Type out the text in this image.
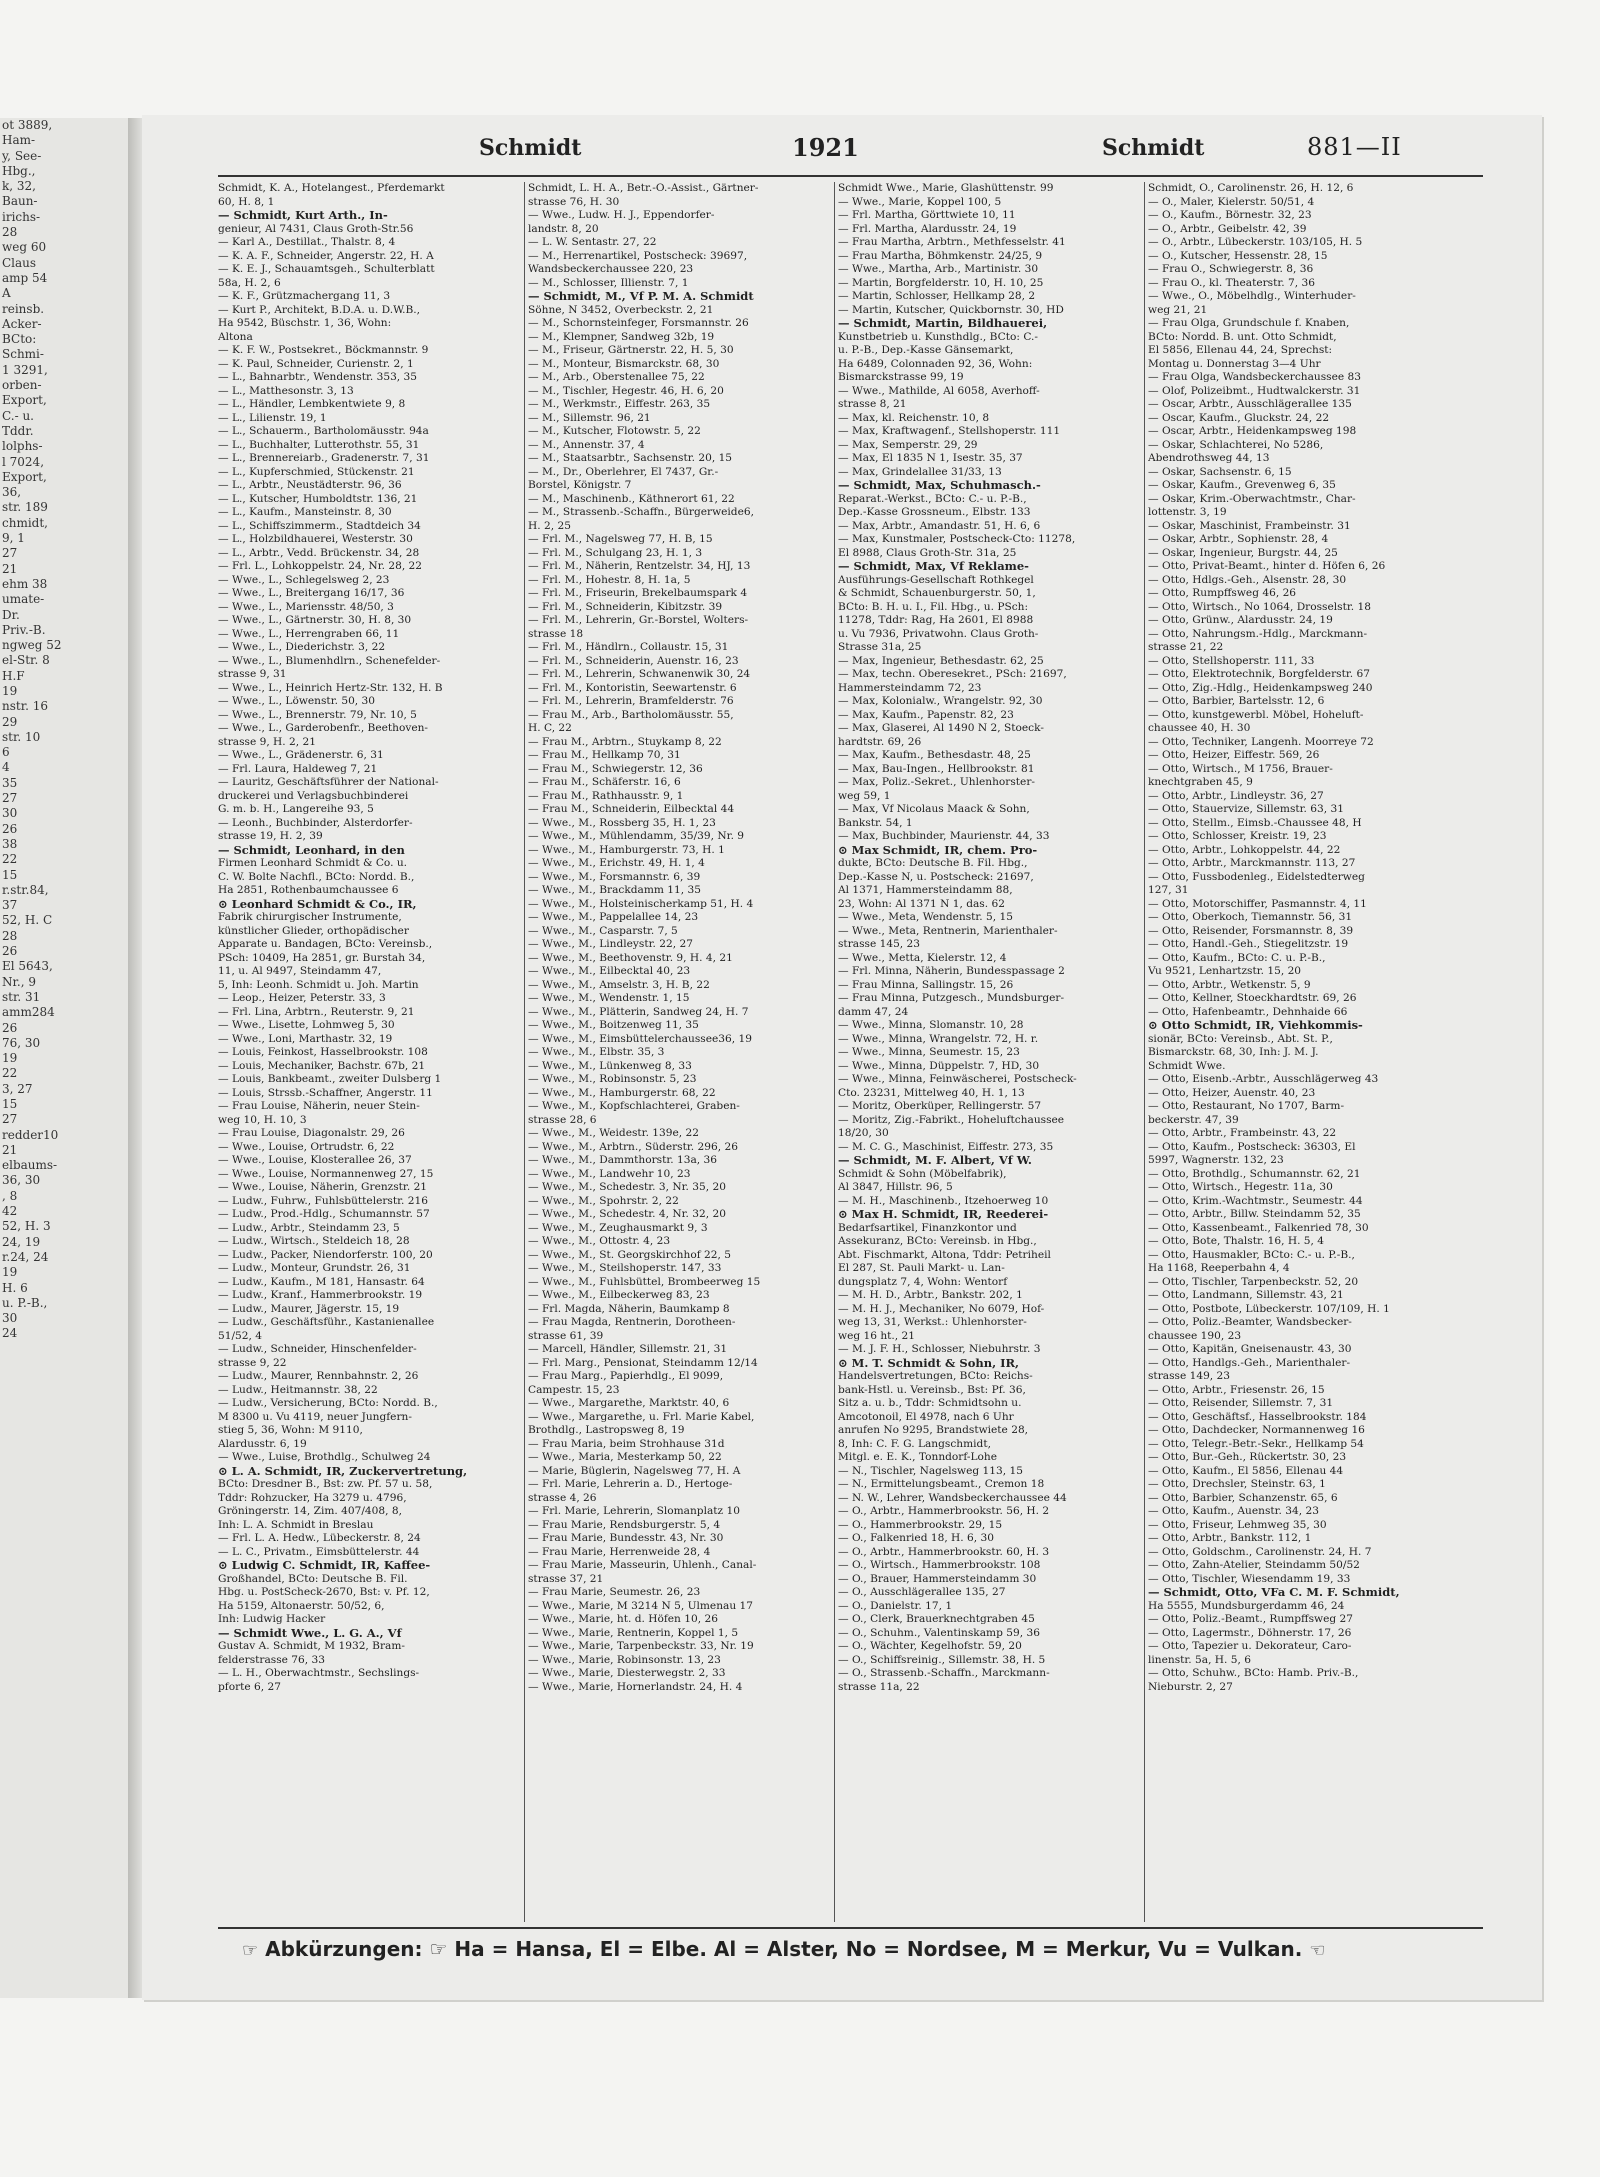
ot 3889,
Ham-
y, See-
Hbg.,
k, 32,
Baun-
irichs-
28
weg 60
Claus
amp 54
A
reinsb.
Acker-
BCto:
Schmi-
1 3291,
orben-
Export,
C.- u.
Tddr.
lolphs-
l 7024,
Export,
36,
str. 189
chmidt,
9, 1
27
21
ehm 38
umate-
Dr.
Priv.-B.
ngweg 52
el-Str. 8
H.F
19
nstr. 16
29
str. 10
6
4
35
27
30
26
38
22
15
r.str.84,
37
52, H. C
28
26
El 5643,
Nr., 9
str. 31
amm284
26
76, 30
19
22
3, 27
15
27
redder10
21
elbaums-
36, 30
, 8
42
52, H. 3
24, 19
r.24, 24
19
H. 6
u. P.-B.,
30
24
Schmidt	1921	Schmidt	881—II
Schmidt, K. A., Hotelangest., Pferdemarkt
60, H. 8, 1
— Schmidt, Kurt Arth., In-
genieur, Al 7431, Claus Groth-Str.56
— Karl A., Destillat., Thalstr. 8, 4
— K. A. F., Schneider, Angerstr. 22, H. A
— K. E. J., Schauamtsgeh., Schulterblatt
58a, H. 2, 6
— K. F., Grützmachergang 11, 3
— Kurt P., Architekt, B.D.A. u. D.W.B.,
Ha 9542, Büschstr. 1, 36, Wohn:
Altona
— K. F. W., Postsekret., Böckmannstr. 9
— K. Paul, Schneider, Curienstr. 2, 1
— L., Bahnarbtr., Wendenstr. 353, 35
— L., Matthesonstr. 3, 13
— L., Händler, Lembkentwiete 9, 8
— L., Lilienstr. 19, 1
— L., Schauerm., Bartholomäusstr. 94a
— L., Buchhalter, Lutterothstr. 55, 31
— L., Brennereiarb., Gradenerstr. 7, 31
— L., Kupferschmied, Stückenstr. 21
— L., Arbtr., Neustädterstr. 96, 36
— L., Kutscher, Humboldtstr. 136, 21
— L., Kaufm., Mansteinstr. 8, 30
— L., Schiffszimmerm., Stadtdeich 34
— L., Holzbildhauerei, Westerstr. 30
— L., Arbtr., Vedd. Brückenstr. 34, 28
— Frl. L., Lohkoppelstr. 24, Nr. 28, 22
— Wwe., L., Schlegelsweg 2, 23
— Wwe., L., Breitergang 16/17, 36
— Wwe., L., Mariensstr. 48/50, 3
— Wwe., L., Gärtnerstr. 30, H. 8, 30
— Wwe., L., Herrengraben 66, 11
— Wwe., L., Diederichstr. 3, 22
— Wwe., L., Blumenhdlrn., Schenefelder-
strasse 9, 31
— Wwe., L., Heinrich Hertz-Str. 132, H. B
— Wwe., L., Löwenstr. 50, 30
— Wwe., L., Brennerstr. 79, Nr. 10, 5
— Wwe., L., Garderobenfr., Beethoven-
strasse 9, H. 2, 21
— Wwe., L., Grädenerstr. 6, 31
— Frl. Laura, Haldeweg 7, 21
— Lauritz, Geschäftsführer der National-
druckerei und Verlagsbuchbinderei
G. m. b. H., Langereihe 93, 5
— Leonh., Buchbinder, Alsterdorfer-
strasse 19, H. 2, 39
— Schmidt, Leonhard, in den
Firmen Leonhard Schmidt & Co. u.
C. W. Bolte Nachfl., BCto: Nordd. B.,
Ha 2851, Rothenbaumchaussee 6
⊙ Leonhard Schmidt & Co., IR,
Fabrik chirurgischer Instrumente,
künstlicher Glieder, orthopädischer
Apparate u. Bandagen, BCto: Vereinsb.,
PSch: 10409, Ha 2851, gr. Burstah 34,
11, u. Al 9497, Steindamm 47,
5, Inh: Leonh. Schmidt u. Joh. Martin
— Leop., Heizer, Peterstr. 33, 3
— Frl. Lina, Arbtrn., Reuterstr. 9, 21
— Wwe., Lisette, Lohmweg 5, 30
— Wwe., Loni, Marthastr. 32, 19
— Louis, Feinkost, Hasselbrookstr. 108
— Louis, Mechaniker, Bachstr. 67b, 21
— Louis, Bankbeamt., zweiter Dulsberg 1
— Louis, Strssb.-Schaffner, Angerstr. 11
— Frau Louise, Näherin, neuer Stein-
weg 10, H. 10, 3
— Frau Louise, Diagonalstr. 29, 26
— Wwe., Louise, Ortrudstr. 6, 22
— Wwe., Louise, Klosterallee 26, 37
— Wwe., Louise, Normannenweg 27, 15
— Wwe., Louise, Näherin, Grenzstr. 21
— Ludw., Fuhrw., Fuhlsbüttelerstr. 216
— Ludw., Prod.-Hdlg., Schumannstr. 57
— Ludw., Arbtr., Steindamm 23, 5
— Ludw., Wirtsch., Steldeich 18, 28
— Ludw., Packer, Niendorferstr. 100, 20
— Ludw., Monteur, Grundstr. 26, 31
— Ludw., Kaufm., M 181, Hansastr. 64
— Ludw., Kranf., Hammerbrookstr. 19
— Ludw., Maurer, Jägerstr. 15, 19
— Ludw., Geschäftsführ., Kastanienallee
51/52, 4
— Ludw., Schneider, Hinschenfelder-
strasse 9, 22
— Ludw., Maurer, Rennbahnstr. 2, 26
— Ludw., Heitmannstr. 38, 22
— Ludw., Versicherung, BCto: Nordd. B.,
M 8300 u. Vu 4119, neuer Jungfern-
stieg 5, 36, Wohn: M 9110,
Alardusstr. 6, 19
— Wwe., Luise, Brothdlg., Schulweg 24
⊙ L. A. Schmidt, IR, Zuckervertretung,
BCto: Dresdner B., Bst: zw. Pf. 57 u. 58,
Tddr: Rohzucker, Ha 3279 u. 4796,
Gröningerstr. 14, Zim. 407/408, 8,
Inh: L. A. Schmidt in Breslau
— Frl. L. A. Hedw., Lübeckerstr. 8, 24
— L. C., Privatm., Eimsbüttelerstr. 44
⊙ Ludwig C. Schmidt, IR, Kaffee-
Großhandel, BCto: Deutsche B. Fil.
Hbg. u. PostScheck-2670, Bst: v. Pf. 12,
Ha 5159, Altonaerstr. 50/52, 6,
Inh: Ludwig Hacker
— Schmidt Wwe., L. G. A., Vf
Gustav A. Schmidt, M 1932, Bram-
felderstrasse 76, 33
— L. H., Oberwachtmstr., Sechslings-
pforte 6, 27
Schmidt, L. H. A., Betr.-O.-Assist., Gärtner-
strasse 76, H. 30
— Wwe., Ludw. H. J., Eppendorfer-
landstr. 8, 20
— L. W. Sentastr. 27, 22
— M., Herrenartikel, Postscheck: 39697,
Wandsbeckerchaussee 220, 23
— M., Schlosser, Illienstr. 7, 1
— Schmidt, M., Vf P. M. A. Schmidt
Söhne, N 3452, Overbeckstr. 2, 21
— M., Schornsteinfeger, Forsmannstr. 26
— M., Klempner, Sandweg 32b, 19
— M., Friseur, Gärtnerstr. 22, H. 5, 30
— M., Monteur, Bismarckstr. 68, 30
— M., Arb., Oberstenallee 75, 22
— M., Tischler, Hegestr. 46, H. 6, 20
— M., Werkmstr., Eiffestr. 263, 35
— M., Sillemstr. 96, 21
— M., Kutscher, Flotowstr. 5, 22
— M., Annenstr. 37, 4
— M., Staatsarbtr., Sachsenstr. 20, 15
— M., Dr., Oberlehrer, El 7437, Gr.-
Borstel, Königstr. 7
— M., Maschinenb., Käthnerort 61, 22
— M., Strassenb.-Schaffn., Bürgerweide6,
H. 2, 25
— Frl. M., Nagelsweg 77, H. B, 15
— Frl. M., Schulgang 23, H. 1, 3
— Frl. M., Näherin, Rentzelstr. 34, HJ, 13
— Frl. M., Hohestr. 8, H. 1a, 5
— Frl. M., Friseurin, Brekelbaumspark 4
— Frl. M., Schneiderin, Kibitzstr. 39
— Frl. M., Lehrerin, Gr.-Borstel, Wolters-
strasse 18
— Frl. M., Händlrn., Collaustr. 15, 31
— Frl. M., Schneiderin, Auenstr. 16, 23
— Frl. M., Lehrerin, Schwanenwik 30, 24
— Frl. M., Kontoristin, Seewartenstr. 6
— Frl. M., Lehrerin, Bramfelderstr. 76
— Frau M., Arb., Bartholomäusstr. 55,
H. C, 22
— Frau M., Arbtrn., Stuykamp 8, 22
— Frau M., Hellkamp 70, 31
— Frau M., Schwiegerstr. 12, 36
— Frau M., Schäferstr. 16, 6
— Frau M., Rathhausstr. 9, 1
— Frau M., Schneiderin, Eilbecktal 44
— Wwe., M., Rossberg 35, H. 1, 23
— Wwe., M., Mühlendamm, 35/39, Nr. 9
— Wwe., M., Hamburgerstr. 73, H. 1
— Wwe., M., Erichstr. 49, H. 1, 4
— Wwe., M., Forsmannstr. 6, 39
— Wwe., M., Brackdamm 11, 35
— Wwe., M., Holsteinischerkamp 51, H. 4
— Wwe., M., Pappelallee 14, 23
— Wwe., M., Casparstr. 7, 5
— Wwe., M., Lindleystr. 22, 27
— Wwe., M., Beethovenstr. 9, H. 4, 21
— Wwe., M., Eilbecktal 40, 23
— Wwe., M., Amselstr. 3, H. B, 22
— Wwe., M., Wendenstr. 1, 15
— Wwe., M., Plätterin, Sandweg 24, H. 7
— Wwe., M., Boitzenweg 11, 35
— Wwe., M., Eimsbüttelerchaussee36, 19
— Wwe., M., Elbstr. 35, 3
— Wwe., M., Lünkenweg 8, 33
— Wwe., M., Robinsonstr. 5, 23
— Wwe., M., Hamburgerstr. 68, 22
— Wwe., M., Kopfschlachterei, Graben-
strasse 28, 6
— Wwe., M., Weidestr. 139e, 22
— Wwe., M., Arbtrn., Süderstr. 296, 26
— Wwe., M., Dammthorstr. 13a, 36
— Wwe., M., Landwehr 10, 23
— Wwe., M., Schedestr. 3, Nr. 35, 20
— Wwe., M., Spohrstr. 2, 22
— Wwe., M., Schedestr. 4, Nr. 32, 20
— Wwe., M., Zeughausmarkt 9, 3
— Wwe., M., Ottostr. 4, 23
— Wwe., M., St. Georgskirchhof 22, 5
— Wwe., M., Steilshoperstr. 147, 33
— Wwe., M., Fuhlsbüttel, Brombeerweg 15
— Wwe., M., Eilbeckerweg 83, 23
— Frl. Magda, Näherin, Baumkamp 8
— Frau Magda, Rentnerin, Dorotheen-
strasse 61, 39
— Marcell, Händler, Sillemstr. 21, 31
— Frl. Marg., Pensionat, Steindamm 12/14
— Frau Marg., Papierhdlg., El 9099,
Campestr. 15, 23
— Wwe., Margarethe, Marktstr. 40, 6
— Wwe., Margarethe, u. Frl. Marie Kabel,
Brothdlg., Lastropsweg 8, 19
— Frau Maria, beim Strohhause 31d
— Wwe., Maria, Mesterkamp 50, 22
— Marie, Büglerin, Nagelsweg 77, H. A
— Frl. Marie, Lehrerin a. D., Hertoge-
strasse 4, 26
— Frl. Marie, Lehrerin, Slomanplatz 10
— Frau Marie, Rendsburgerstr. 5, 4
— Frau Marie, Bundesstr. 43, Nr. 30
— Frau Marie, Herrenweide 28, 4
— Frau Marie, Masseurin, Uhlenh., Canal-
strasse 37, 21
— Frau Marie, Seumestr. 26, 23
— Wwe., Marie, M 3214 N 5, Ulmenau 17
— Wwe., Marie, ht. d. Höfen 10, 26
— Wwe., Marie, Rentnerin, Koppel 1, 5
— Wwe., Marie, Tarpenbeckstr. 33, Nr. 19
— Wwe., Marie, Robinsonstr. 13, 23
— Wwe., Marie, Diesterwegstr. 2, 33
— Wwe., Marie, Hornerlandstr. 24, H. 4
Schmidt Wwe., Marie, Glashüttenstr. 99
— Wwe., Marie, Koppel 100, 5
— Frl. Martha, Görttwiete 10, 11
— Frl. Martha, Alardusstr. 24, 19
— Frau Martha, Arbtrn., Methfesselstr. 41
— Frau Martha, Böhmkenstr. 24/25, 9
— Wwe., Martha, Arb., Martinistr. 30
— Martin, Borgfelderstr. 10, H. 10, 25
— Martin, Schlosser, Hellkamp 28, 2
— Martin, Kutscher, Quickbornstr. 30, HD
— Schmidt, Martin, Bildhauerei,
Kunstbetrieb u. Kunsthdlg., BCto: C.-
u. P.-B., Dep.-Kasse Gänsemarkt,
Ha 6489, Colonnaden 92, 36, Wohn:
Bismarckstrasse 99, 19
— Wwe., Mathilde, Al 6058, Averhoff-
strasse 8, 21
— Max, kl. Reichenstr. 10, 8
— Max, Kraftwagenf., Stellshoperstr. 111
— Max, Semperstr. 29, 29
— Max, El 1835 N 1, Isestr. 35, 37
— Max, Grindelallee 31/33, 13
— Schmidt, Max, Schuhmasch.-
Reparat.-Werkst., BCto: C.- u. P.-B.,
Dep.-Kasse Grossneum., Elbstr. 133
— Max, Arbtr., Amandastr. 51, H. 6, 6
— Max, Kunstmaler, Postscheck-Cto: 11278,
El 8988, Claus Groth-Str. 31a, 25
— Schmidt, Max, Vf Reklame-
Ausführungs-Gesellschaft Rothkegel
& Schmidt, Schauenburgerstr. 50, 1,
BCto: B. H. u. I., Fil. Hbg., u. PSch:
11278, Tddr: Rag, Ha 2601, El 8988
u. Vu 7936, Privatwohn. Claus Groth-
Strasse 31a, 25
— Max, Ingenieur, Bethesdastr. 62, 25
— Max, techn. Oberesekret., PSch: 21697,
Hammersteindamm 72, 23
— Max, Kolonialw., Wrangelstr. 92, 30
— Max, Kaufm., Papenstr. 82, 23
— Max, Glaserei, Al 1490 N 2, Stoeck-
hardtstr. 69, 26
— Max, Kaufm., Bethesdastr. 48, 25
— Max, Bau-Ingen., Hellbrookstr. 81
— Max, Poliz.-Sekret., Uhlenhorster-
weg 59, 1
— Max, Vf Nicolaus Maack & Sohn,
Bankstr. 54, 1
— Max, Buchbinder, Maurienstr. 44, 33
⊙ Max Schmidt, IR, chem. Pro-
dukte, BCto: Deutsche B. Fil. Hbg.,
Dep.-Kasse N, u. Postscheck: 21697,
Al 1371, Hammersteindamm 88,
23, Wohn: Al 1371 N 1, das. 62
— Wwe., Meta, Wendenstr. 5, 15
— Wwe., Meta, Rentnerin, Marienthaler-
strasse 145, 23
— Wwe., Metta, Kielerstr. 12, 4
— Frl. Minna, Näherin, Bundesspassage 2
— Frau Minna, Sallingstr. 15, 26
— Frau Minna, Putzgesch., Mundsburger-
damm 47, 24
— Wwe., Minna, Slomanstr. 10, 28
— Wwe., Minna, Wrangelstr. 72, H. r.
— Wwe., Minna, Seumestr. 15, 23
— Wwe., Minna, Düppelstr. 7, HD, 30
— Wwe., Minna, Feinwäscherei, Postscheck-
Cto. 23231, Mittelweg 40, H. 1, 13
— Moritz, Oberküper, Rellingerstr. 57
— Moritz, Zig.-Fabrikt., Hoheluftchaussee
18/20, 30
— M. C. G., Maschinist, Eiffestr. 273, 35
— Schmidt, M. F. Albert, Vf W.
Schmidt & Sohn (Möbelfabrik),
Al 3847, Hillstr. 96, 5
— M. H., Maschinenb., Itzehoerweg 10
⊙ Max H. Schmidt, IR, Reederei-
Bedarfsartikel, Finanzkontor und
Assekuranz, BCto: Vereinsb. in Hbg.,
Abt. Fischmarkt, Altona, Tddr: Petriheil
El 287, St. Pauli Markt- u. Lan-
dungsplatz 7, 4, Wohn: Wentorf
— M. H. D., Arbtr., Bankstr. 202, 1
— M. H. J., Mechaniker, No 6079, Hof-
weg 13, 31, Werkst.: Uhlenhorster-
weg 16 ht., 21
— M. J. F. H., Schlosser, Niebuhrstr. 3
⊙ M. T. Schmidt & Sohn, IR,
Handelsvertretungen, BCto: Reichs-
bank-Hstl. u. Vereinsb., Bst: Pf. 36,
Sitz a. u. b., Tddr: Schmidtsohn u.
Amcotonoil, El 4978, nach 6 Uhr
anrufen No 9295, Brandstwiete 28,
8, Inh: C. F. G. Langschmidt,
Mitgl. e. E. K., Tonndorf-Lohe
— N., Tischler, Nagelsweg 113, 15
— N., Ermittelungsbeamt., Cremon 18
— N. W., Lehrer, Wandsbeckerchaussee 44
— O., Arbtr., Hammerbrookstr. 56, H. 2
— O., Hammerbrookstr. 29, 15
— O., Falkenried 18, H. 6, 30
— O., Arbtr., Hammerbrookstr. 60, H. 3
— O., Wirtsch., Hammerbrookstr. 108
— O., Brauer, Hammersteindamm 30
— O., Ausschlägerallee 135, 27
— O., Danielstr. 17, 1
— O., Clerk, Brauerknechtgraben 45
— O., Schuhm., Valentinskamp 59, 36
— O., Wächter, Kegelhofstr. 59, 20
— O., Schiffsreinig., Sillemstr. 38, H. 5
— O., Strassenb.-Schaffn., Marckmann-
strasse 11a, 22
Schmidt, O., Carolinenstr. 26, H. 12, 6
— O., Maler, Kielerstr. 50/51, 4
— O., Kaufm., Börnestr. 32, 23
— O., Arbtr., Geibelstr. 42, 39
— O., Arbtr., Lübeckerstr. 103/105, H. 5
— O., Kutscher, Hessenstr. 28, 15
— Frau O., Schwiegerstr. 8, 36
— Frau O., kl. Theaterstr. 7, 36
— Wwe., O., Möbelhdlg., Winterhuder-
weg 21, 21
— Frau Olga, Grundschule f. Knaben,
BCto: Nordd. B. unt. Otto Schmidt,
El 5856, Ellenau 44, 24, Sprechst:
Montag u. Donnerstag 3—4 Uhr
— Frau Olga, Wandsbeckerchaussee 83
— Olof, Polizeibmt., Hudtwalckerstr. 31
— Oscar, Arbtr., Ausschlägerallee 135
— Oscar, Kaufm., Gluckstr. 24, 22
— Oscar, Arbtr., Heidenkampsweg 198
— Oskar, Schlachterei, No 5286,
Abendrothsweg 44, 13
— Oskar, Sachsenstr. 6, 15
— Oskar, Kaufm., Grevenweg 6, 35
— Oskar, Krim.-Oberwachtmstr., Char-
lottenstr. 3, 19
— Oskar, Maschinist, Frambeinstr. 31
— Oskar, Arbtr., Sophienstr. 28, 4
— Oskar, Ingenieur, Burgstr. 44, 25
— Otto, Privat-Beamt., hinter d. Höfen 6, 26
— Otto, Hdlgs.-Geh., Alsenstr. 28, 30
— Otto, Rumpffsweg 46, 26
— Otto, Wirtsch., No 1064, Drosselstr. 18
— Otto, Grünw., Alardusstr. 24, 19
— Otto, Nahrungsm.-Hdlg., Marckmann-
strasse 21, 22
— Otto, Stellshoperstr. 111, 33
— Otto, Elektrotechnik, Borgfelderstr. 67
— Otto, Zig.-Hdlg., Heidenkampsweg 240
— Otto, Barbier, Bartelsstr. 12, 6
— Otto, kunstgewerbl. Möbel, Hoheluft-
chaussee 40, H. 30
— Otto, Techniker, Langenh. Moorreye 72
— Otto, Heizer, Eiffestr. 569, 26
— Otto, Wirtsch., M 1756, Brauer-
knechtgraben 45, 9
— Otto, Arbtr., Lindleystr. 36, 27
— Otto, Stauervize, Sillemstr. 63, 31
— Otto, Stellm., Eimsb.-Chaussee 48, H
— Otto, Schlosser, Kreistr. 19, 23
— Otto, Arbtr., Lohkoppelstr. 44, 22
— Otto, Arbtr., Marckmannstr. 113, 27
— Otto, Fussbodenleg., Eidelstedterweg
127, 31
— Otto, Motorschiffer, Pasmannstr. 4, 11
— Otto, Oberkoch, Tiemannstr. 56, 31
— Otto, Reisender, Forsmannstr. 8, 39
— Otto, Handl.-Geh., Stiegelitzstr. 19
— Otto, Kaufm., BCto: C. u. P.-B.,
Vu 9521, Lenhartzstr. 15, 20
— Otto, Arbtr., Wetkenstr. 5, 9
— Otto, Kellner, Stoeckhardtstr. 69, 26
— Otto, Hafenbeamtr., Dehnhaide 66
⊙ Otto Schmidt, IR, Viehkommis-
sionär, BCto: Vereinsb., Abt. St. P.,
Bismarckstr. 68, 30, Inh: J. M. J.
Schmidt Wwe.
— Otto, Eisenb.-Arbtr., Ausschlägerweg 43
— Otto, Heizer, Auenstr. 40, 23
— Otto, Restaurant, No 1707, Barm-
beckerstr. 47, 39
— Otto, Arbtr., Frambeinstr. 43, 22
— Otto, Kaufm., Postscheck: 36303, El
5997, Wagnerstr. 132, 23
— Otto, Brothdlg., Schumannstr. 62, 21
— Otto, Wirtsch., Hegestr. 11a, 30
— Otto, Krim.-Wachtmstr., Seumestr. 44
— Otto, Arbtr., Billw. Steindamm 52, 35
— Otto, Kassenbeamt., Falkenried 78, 30
— Otto, Bote, Thalstr. 16, H. 5, 4
— Otto, Hausmakler, BCto: C.- u. P.-B.,
Ha 1168, Reeperbahn 4, 4
— Otto, Tischler, Tarpenbeckstr. 52, 20
— Otto, Landmann, Sillemstr. 43, 21
— Otto, Postbote, Lübeckerstr. 107/109, H. 1
— Otto, Poliz.-Beamter, Wandsbecker-
chaussee 190, 23
— Otto, Kapitän, Gneisenaustr. 43, 30
— Otto, Handlgs.-Geh., Marienthaler-
strasse 149, 23
— Otto, Arbtr., Friesenstr. 26, 15
— Otto, Reisender, Sillemstr. 7, 31
— Otto, Geschäftsf., Hasselbrookstr. 184
— Otto, Dachdecker, Normannenweg 16
— Otto, Telegr.-Betr.-Sekr., Hellkamp 54
— Otto, Bur.-Geh., Rückertstr. 30, 23
— Otto, Kaufm., El 5856, Ellenau 44
— Otto, Drechsler, Steinstr. 63, 1
— Otto, Barbier, Schanzenstr. 65, 6
— Otto, Kaufm., Auenstr. 34, 23
— Otto, Friseur, Lehmweg 35, 30
— Otto, Arbtr., Bankstr. 112, 1
— Otto, Goldschm., Carolinenstr. 24, H. 7
— Otto, Zahn-Atelier, Steindamm 50/52
— Otto, Tischler, Wiesendamm 19, 33
— Schmidt, Otto, VFa C. M. F. Schmidt,
Ha 5555, Mundsburgerdamm 46, 24
— Otto, Poliz.-Beamt., Rumpffsweg 27
— Otto, Lagermstr., Döhnerstr. 17, 26
— Otto, Tapezier u. Dekorateur, Caro-
linenstr. 5a, H. 5, 6
— Otto, Schuhw., BCto: Hamb. Priv.-B.,
Nieburstr. 2, 27
☞ Abkürzungen: ☞ Ha = Hansa, El = Elbe. Al = Alster, No = Nordsee, M = Merkur, Vu = Vulkan. ☜
